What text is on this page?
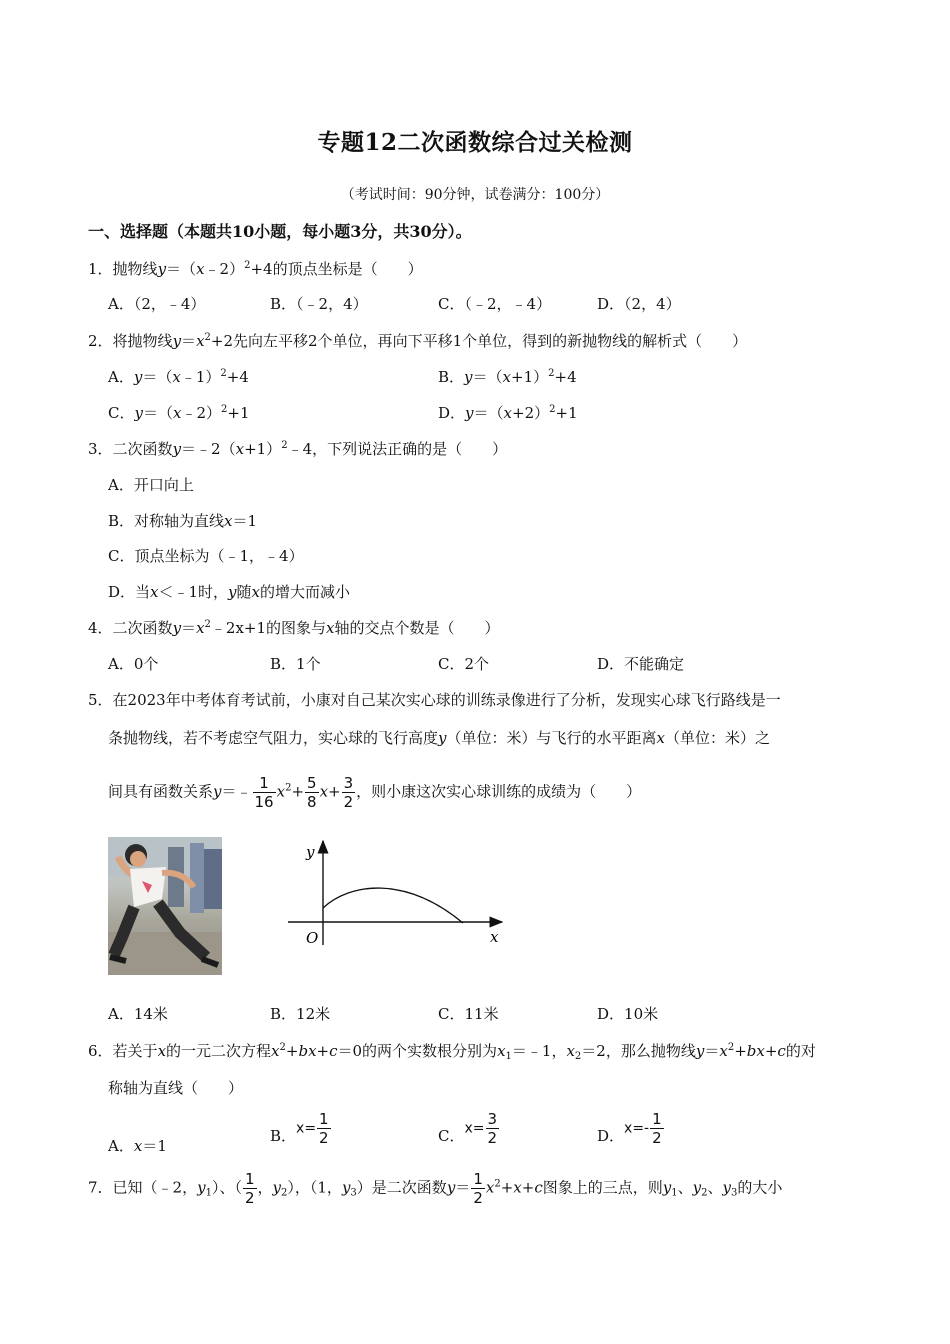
专题12二次函数综合过关检测
（考试时间：90分钟，试卷满分：100分）
一、选择题（本题共10小题，每小题3分，共30分）。
1．抛物线y＝（x﹣2）$^2$+4的顶点坐标是（　　）
A．（2，﹣4）	B．（﹣2，4）	C．（﹣2，﹣4）	D．（2，4）
2．将抛物线$y=x^2+2$先向左平移2个单位，再向下平移1个单位，得到的新抛物线的解析式（　　）
A．y＝（x﹣1）$^2$+4	B．$y=(x+1)^2+4$
C．y＝（x﹣2）$^2$+1	D．$y=(x+2)^2+1$
3．二次函数$y=﹣2(x+1)^2﹣4$，下列说法正确的是（　　）
A．开口向上
B．对称轴为直线x＝1
C．顶点坐标为（﹣1，﹣4）
D．当x＜﹣1时，y随x的增大而减小
4．二次函数$y=x^2﹣2x+1$的图象与x轴的交点个数是（　　）
A．0个	B．1个	C．2个	D．不能确定
5．在2023年中考体育考试前，小康对自己某次实心球的训练录像进行了分析，发现实心球飞行路线是一
条抛物线，若不考虑空气阻力，实心球的飞行高度y（单位：米）与飞行的水平距离x（单位：米）之
间具有函数关系y＝﹣ $\frac{1}{16} x^2+ \frac{5}{8} x+ \frac{3}{2}$ ，则小康这次实心球训练的成绩为（　　）
y
O	x
A．14米	B．12米	C．11米	D．10米
6．若关于x的一元二次方程$x^2+bx+c=0$的两个实数根分别为$x_1=﹣1$，$x_2=2$，那么抛物线$y=x^2+bx+c$的对
称轴为直线（　　）
A．x＝1
B．$x= \frac{1}{2}$	C．$x= \frac{3}{2}$	D．$x=- \frac{1}{2}$
7．已知（﹣2，$y_1$）、（ $\frac{1}{2}$ ，$y_2$），（1，$y_3$）是二次函数$y= \frac{1}{2} x^2+x+c$图象上的三点，则$y_1$、$y_2$、$y_3$的大小
